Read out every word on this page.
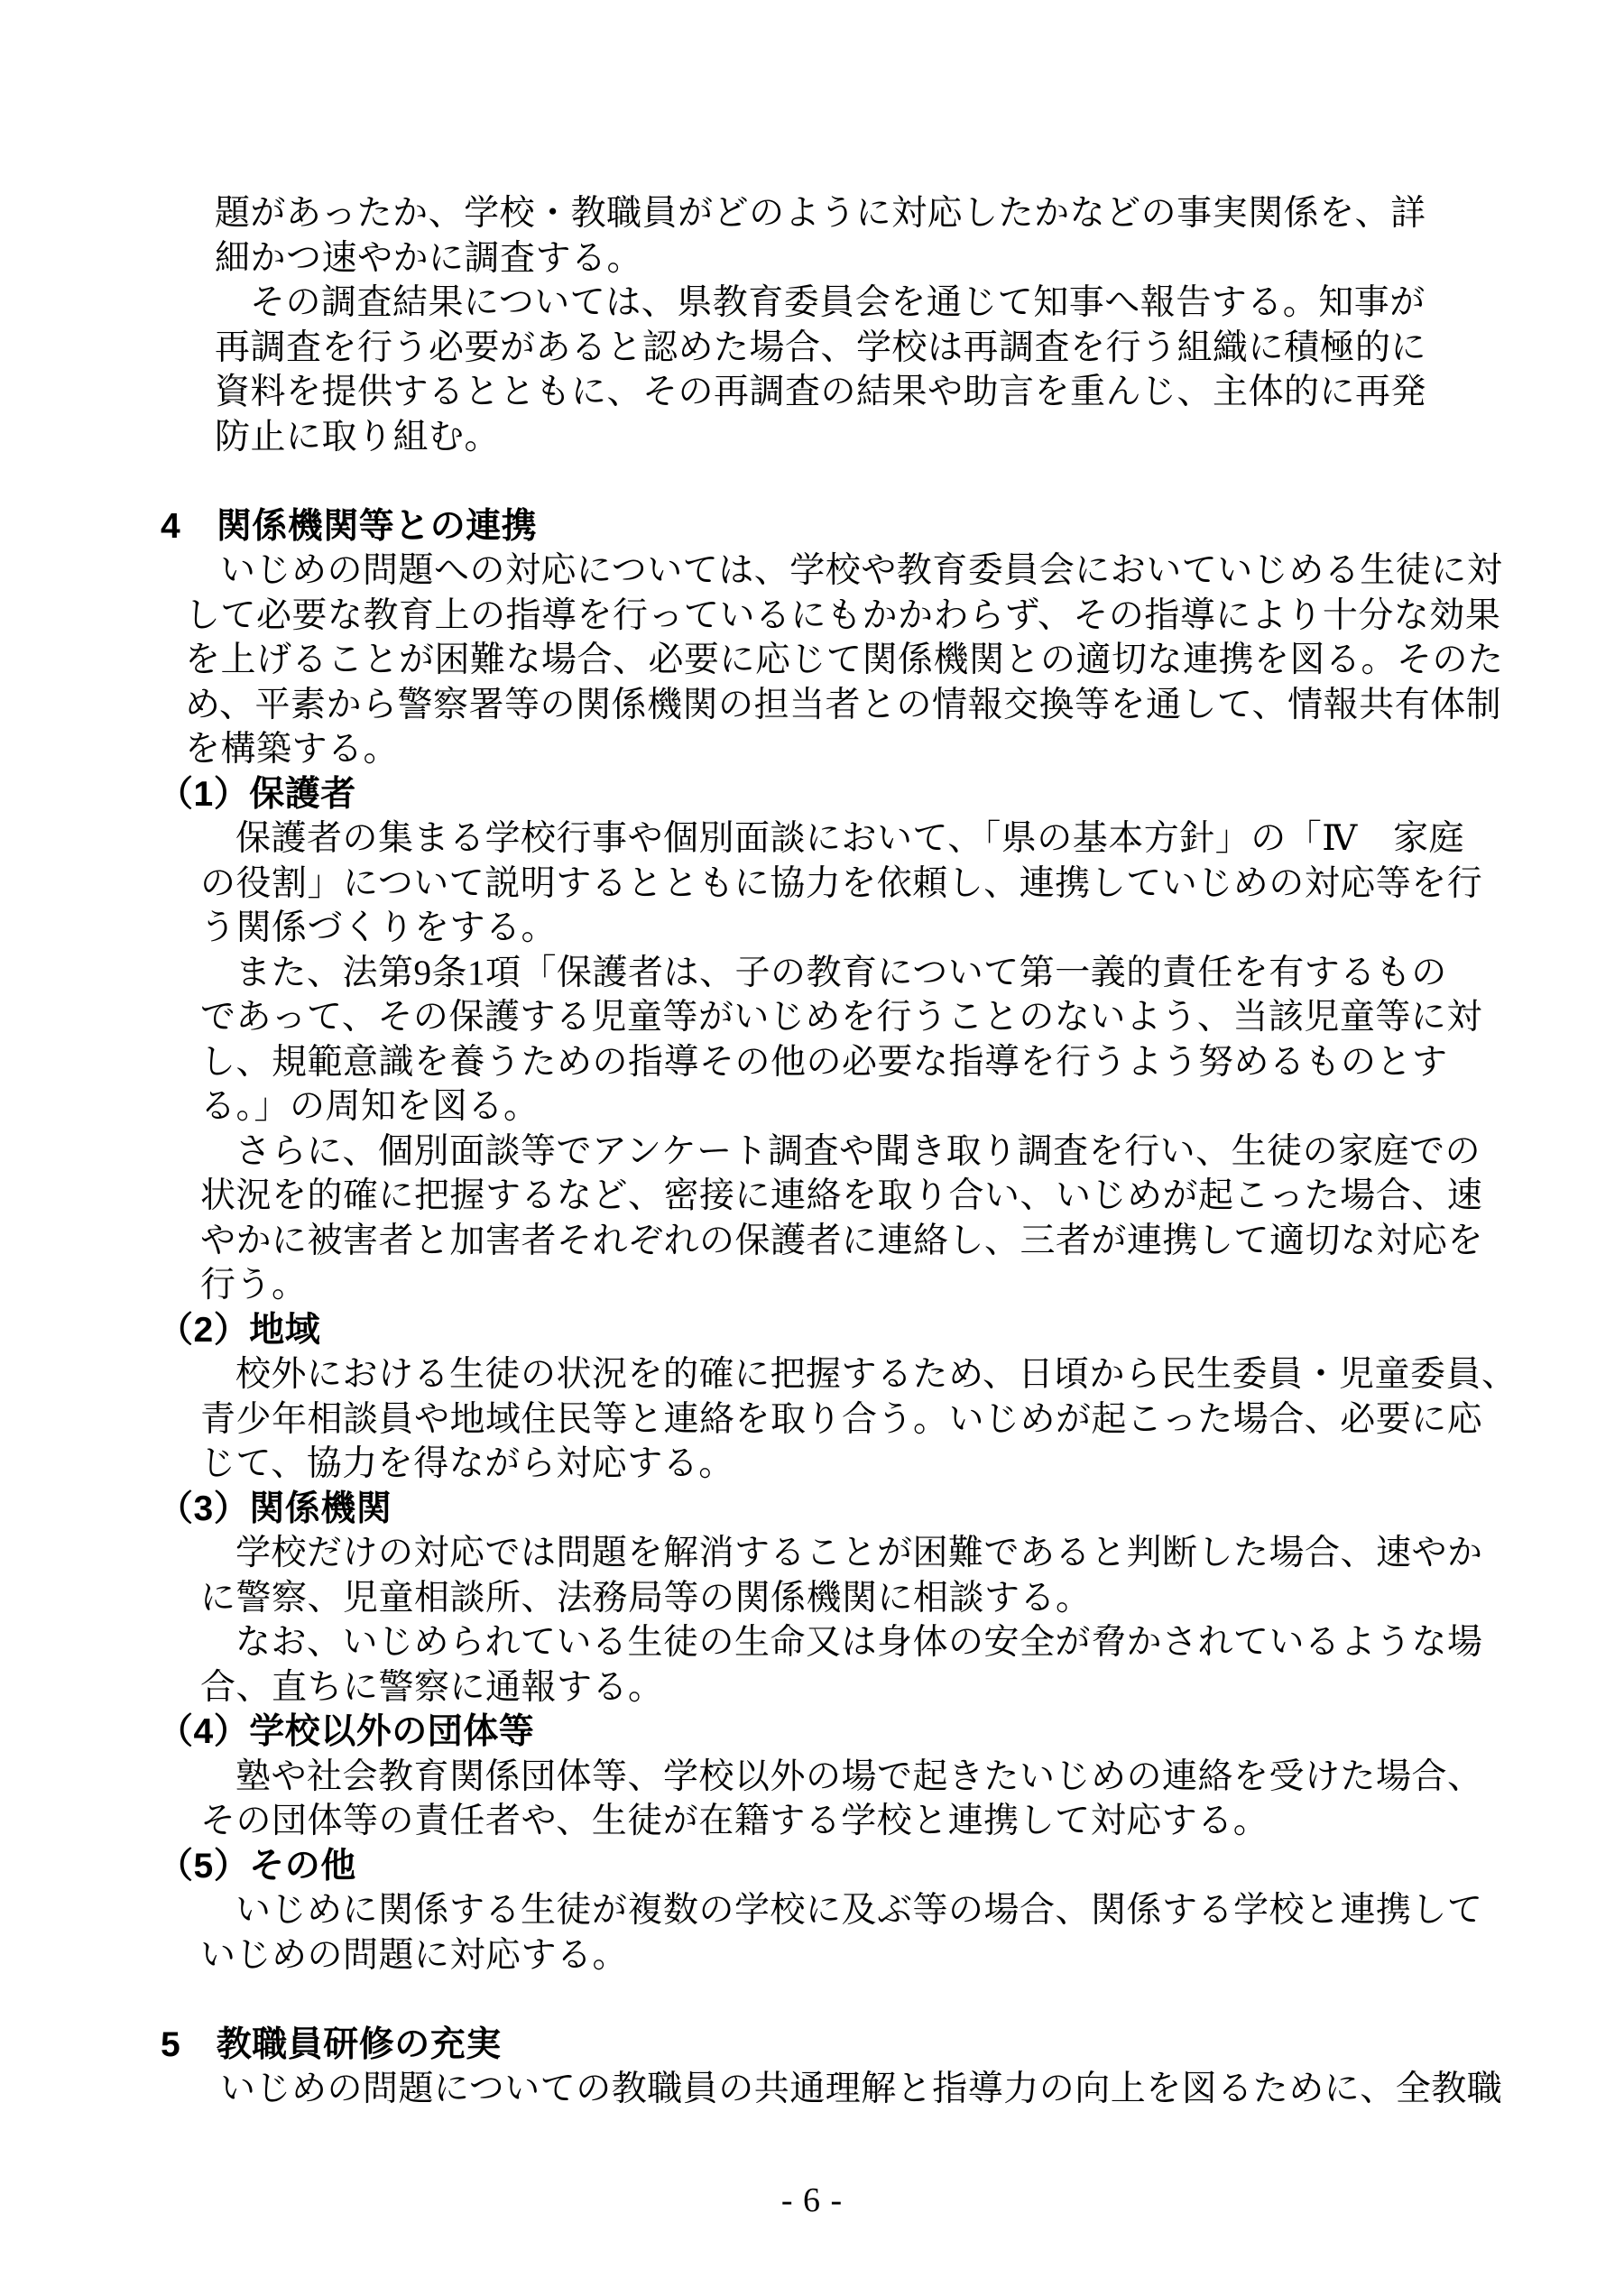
題があったか、学校・教職員がどのように対応したかなどの事実関係を、詳
細かつ速やかに調査する。
その調査結果については、県教育委員会を通じて知事へ報告する。知事が
再調査を行う必要があると認めた場合、学校は再調査を行う組織に積極的に
資料を提供するとともに、その再調査の結果や助言を重んじ、主体的に再発
防止に取り組む。
4　関係機関等との連携
いじめの問題への対応については、学校や教育委員会においていじめる生徒に対
して必要な教育上の指導を行っているにもかかわらず、その指導により十分な効果
を上げることが困難な場合、必要に応じて関係機関との適切な連携を図る。そのた
め、平素から警察署等の関係機関の担当者との情報交換等を通して、情報共有体制
を構築する。
（1）保護者
保護者の集まる学校行事や個別面談において、「県の基本方針」の「Ⅳ　家庭
の役割」について説明するとともに協力を依頼し、連携していじめの対応等を行
う関係づくりをする。
また、法第9条1項「保護者は、子の教育について第一義的責任を有するもの
であって、その保護する児童等がいじめを行うことのないよう、当該児童等に対
し、規範意識を養うための指導その他の必要な指導を行うよう努めるものとす
る。」の周知を図る。
さらに、個別面談等でアンケート調査や聞き取り調査を行い、生徒の家庭での
状況を的確に把握するなど、密接に連絡を取り合い、いじめが起こった場合、速
やかに被害者と加害者それぞれの保護者に連絡し、三者が連携して適切な対応を
行う。
（2）地域
校外における生徒の状況を的確に把握するため、日頃から民生委員・児童委員、
青少年相談員や地域住民等と連絡を取り合う。いじめが起こった場合、必要に応
じて、協力を得ながら対応する。
（3）関係機関
学校だけの対応では問題を解消することが困難であると判断した場合、速やか
に警察、児童相談所、法務局等の関係機関に相談する。
なお、いじめられている生徒の生命又は身体の安全が脅かされているような場
合、直ちに警察に通報する。
（4）学校以外の団体等
塾や社会教育関係団体等、学校以外の場で起きたいじめの連絡を受けた場合、
その団体等の責任者や、生徒が在籍する学校と連携して対応する。
（5）その他
いじめに関係する生徒が複数の学校に及ぶ等の場合、関係する学校と連携して
いじめの問題に対応する。
5　教職員研修の充実
いじめの問題についての教職員の共通理解と指導力の向上を図るために、全教職
- 6 -
